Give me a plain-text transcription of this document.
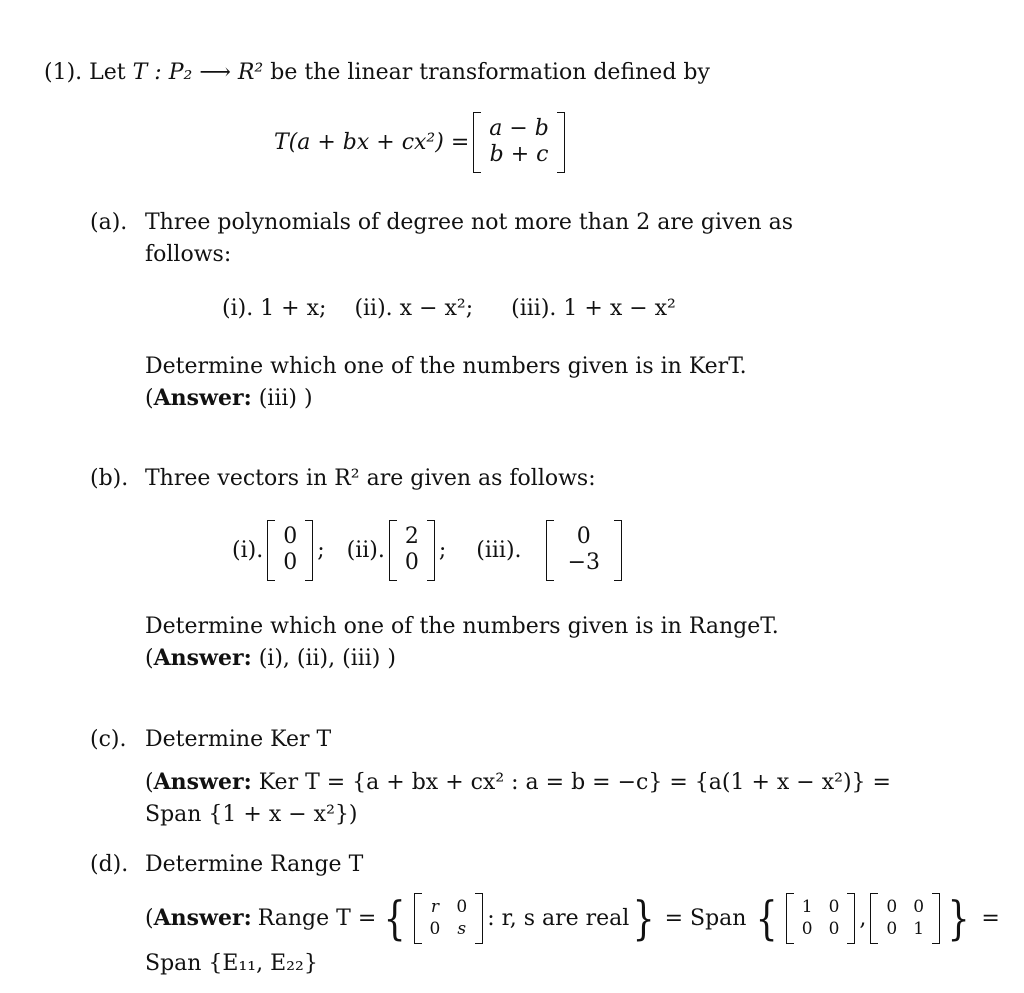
(1). Let T : P₂ ⟶ R² be the linear transformation defined by
T(a + bx + cx²) =
a − b
b + c
(a). Three polynomials of degree not more than 2 are given as
follows:
(i). 1 + x; (ii). x − x²; (iii). 1 + x − x²
Determine which one of the numbers given is in KerT.
(Answer: (iii) )
(b). Three vectors in R² are given as follows:
(i).
0
0
; (ii).
2
0
; (iii).
0
−3
Determine which one of the numbers given is in RangeT.
(Answer: (i), (ii), (iii) )
(c). Determine Ker T
(Answer: Ker T = {a + bx + cx² : a = b = −c} = {a(1 + x − x²)} =
Span {1 + x − x²})
(d). Determine Range T
( Answer: Range T = { r 0
0 s : r, s are real } = Span { 1 0
0 0 , 0 0
0 1 } =
Span {E₁₁, E₂₂}
